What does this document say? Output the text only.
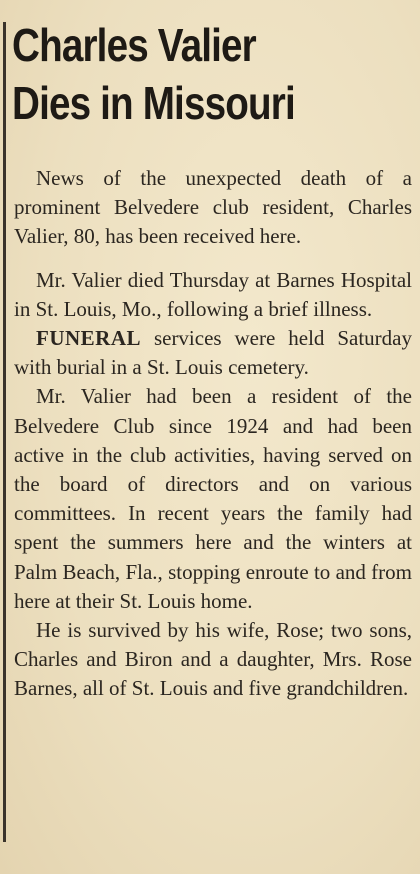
Charles Valier
Dies in Missouri

News of the unexpected death of a prominent Belvedere club resident, Charles Valier, 80, has been received here.

Mr. Valier died Thursday at Barnes Hospital in St. Louis, Mo., following a brief illness.

FUNERAL services were held Saturday with burial in a St. Louis cemetery.

Mr. Valier had been a resident of the Belvedere Club since 1924 and had been active in the club activities, having served on the board of directors and on various committees. In recent years the family had spent the summers here and the winters at Palm Beach, Fla., stopping enroute to and from here at their St. Louis home.

He is survived by his wife, Rose; two sons, Charles and Biron and a daughter, Mrs. Rose Barnes, all of St. Louis and five grandchildren.
